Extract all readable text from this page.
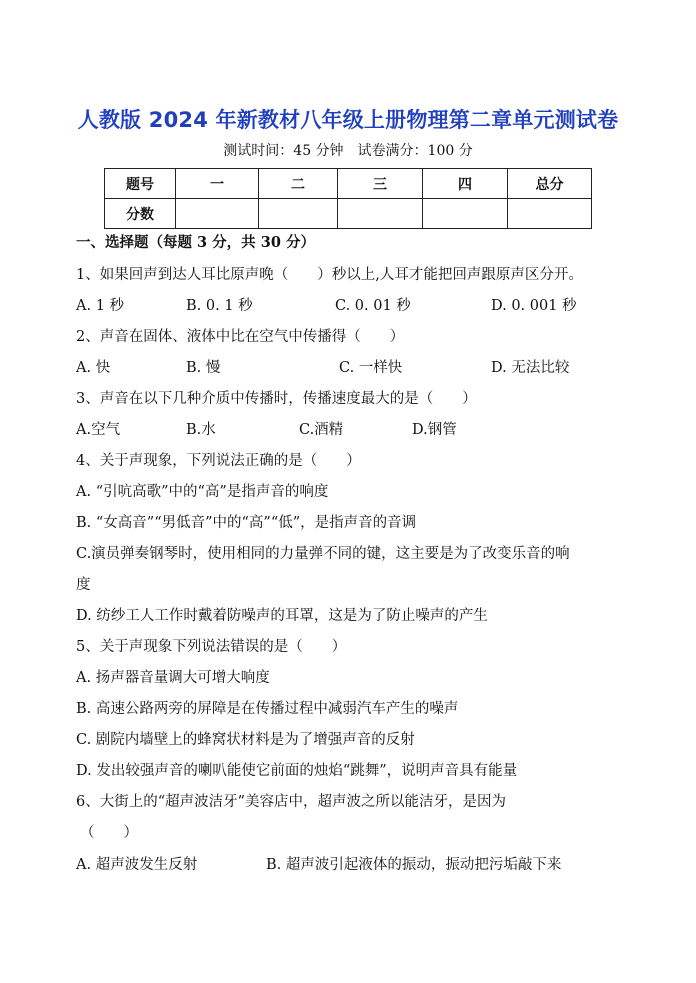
人教版 2024 年新教材八年级上册物理第二章单元测试卷
测试时间：45 分钟　试卷满分：100 分
题号	一	二	三	四	总分
分数					
一、选择题（每题 3 分，共 30 分）
1、如果回声到达人耳比原声晚（　　）秒以上,人耳才能把回声跟原声区分开。
A. 1 秒	B. 0. 1 秒	C. 0. 01 秒	D. 0. 001 秒
2、声音在固体、液体中比在空气中传播得（　　）
A. 快	B. 慢	C. 一样快	D. 无法比较
3、声音在以下几种介质中传播时，传播速度最大的是（　　）
A.空气	B.水	C.酒精	D.钢管
4、关于声现象，下列说法正确的是（　　）
A. “引吭高歌”中的“高”是指声音的响度
B. “女高音”“男低音”中的“高”“低”，是指声音的音调
C.演员弹奏钢琴时，使用相同的力量弹不同的键，这主要是为了改变乐音的响
度
D. 纺纱工人工作时戴着防噪声的耳罩，这是为了防止噪声的产生
5、关于声现象下列说法错误的是（　　）
A. 扬声器音量调大可增大响度
B. 高速公路两旁的屏障是在传播过程中减弱汽车产生的噪声
C. 剧院内墙壁上的蜂窝状材料是为了增强声音的反射
D. 发出较强声音的喇叭能使它前面的烛焰“跳舞”，说明声音具有能量
6、大街上的“超声波洁牙”美容店中，超声波之所以能洁牙，是因为
（　　）
A. 超声波发生反射	B. 超声波引起液体的振动，振动把污垢敲下来
